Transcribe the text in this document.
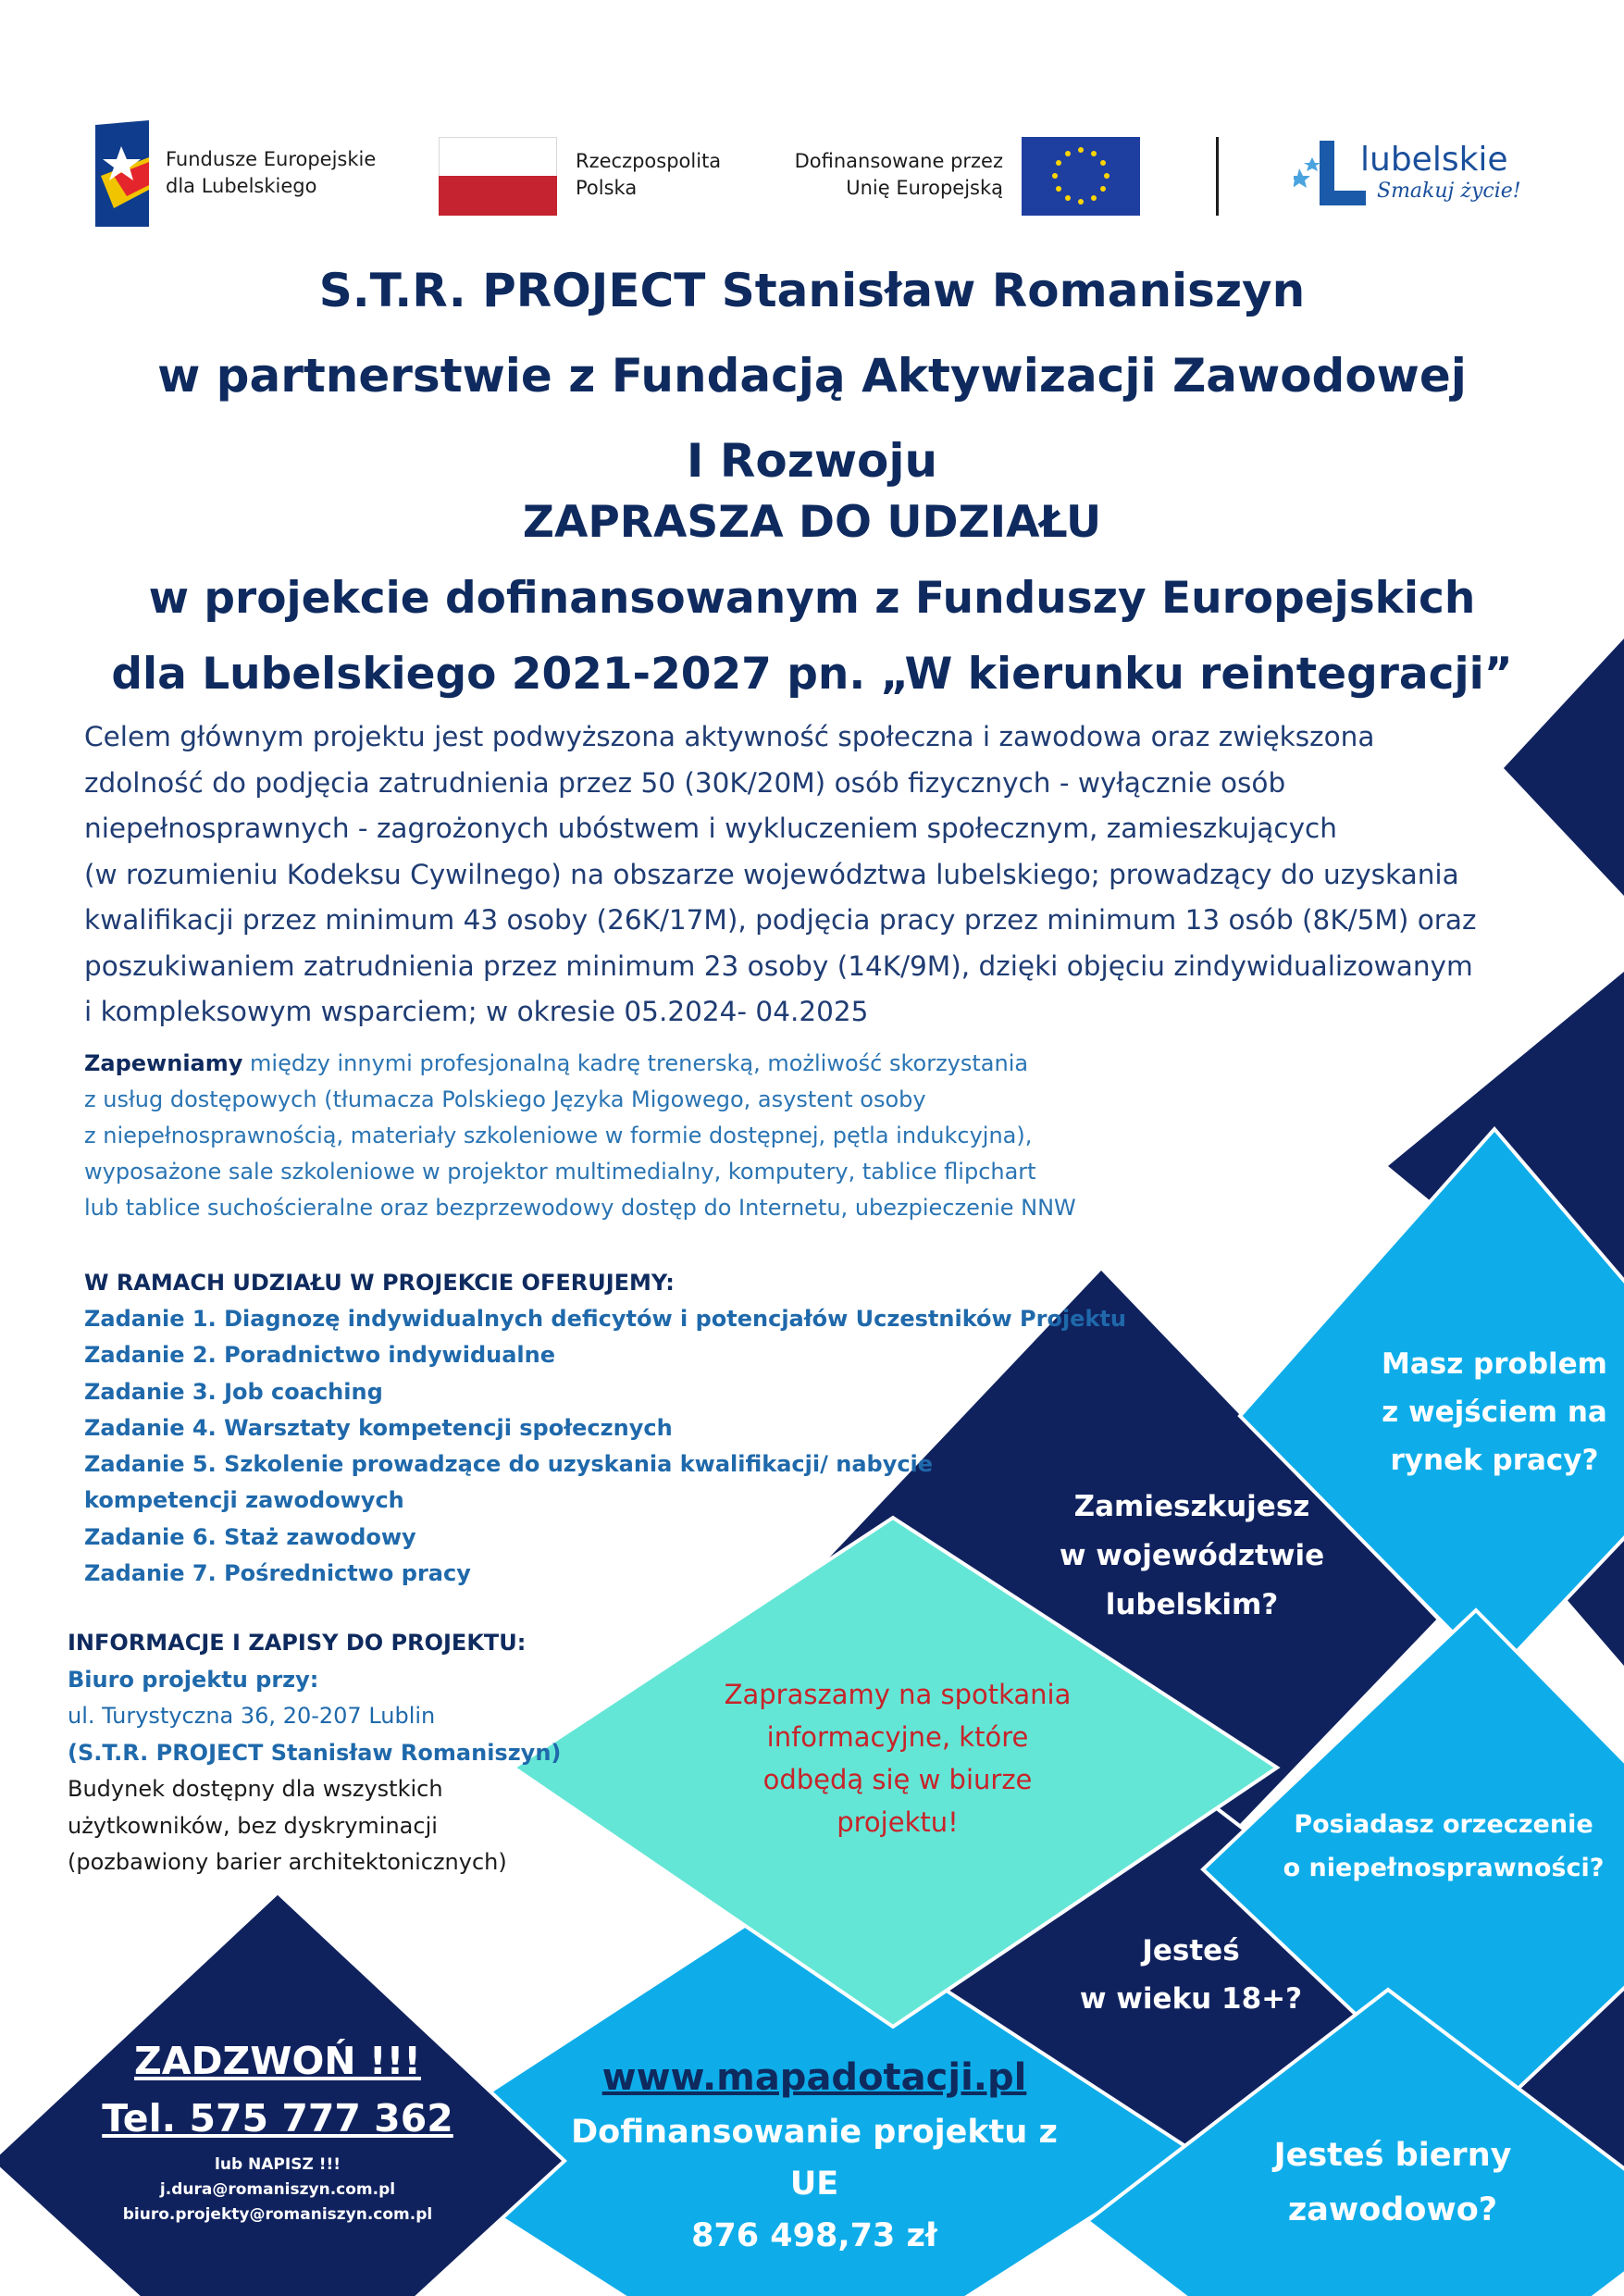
Fundusze Europejskie
dla Lubelskiego
Rzeczpospolita
Polska
Dofinansowane przez
Unię Europejską
lubelskie
Smakuj życie!
S.T.R. PROJECT Stanisław Romaniszyn
w partnerstwie z Fundacją Aktywizacji Zawodowej
I Rozwoju
ZAPRASZA DO UDZIAŁU
w projekcie dofinansowanym z Funduszy Europejskich
dla Lubelskiego 2021-2027 pn. „W kierunku reintegracji”
Celem głównym projektu jest podwyższona aktywność społeczna i zawodowa oraz zwiększona
zdolność do podjęcia zatrudnienia przez 50 (30K/20M) osób fizycznych - wyłącznie osób
niepełnosprawnych - zagrożonych ubóstwem i wykluczeniem społecznym, zamieszkujących
(w rozumieniu Kodeksu Cywilnego) na obszarze województwa lubelskiego; prowadzący do uzyskania
kwalifikacji przez minimum 43 osoby (26K/17M), podjęcia pracy przez minimum 13 osób (8K/5M) oraz
poszukiwaniem zatrudnienia przez minimum 23 osoby (14K/9M), dzięki objęciu zindywidualizowanym
i kompleksowym wsparciem; w okresie 05.2024- 04.2025
Zapewniamy między innymi profesjonalną kadrę trenerską, możliwość skorzystania
z usług dostępowych (tłumacza Polskiego Języka Migowego, asystent osoby
z niepełnosprawnością, materiały szkoleniowe w formie dostępnej, pętla indukcyjna),
wyposażone sale szkoleniowe w projektor multimedialny, komputery, tablice flipchart
lub tablice suchościeralne oraz bezprzewodowy dostęp do Internetu, ubezpieczenie NNW
W RAMACH UDZIAŁU W PROJEKCIE OFERUJEMY:
Zadanie 1. Diagnozę indywidualnych deficytów i potencjałów Uczestników Projektu
Zadanie 2. Poradnictwo indywidualne
Zadanie 3. Job coaching
Zadanie 4. Warsztaty kompetencji społecznych
Zadanie 5. Szkolenie prowadzące do uzyskania kwalifikacji/ nabycie
kompetencji zawodowych
Zadanie 6. Staż zawodowy
Zadanie 7. Pośrednictwo pracy
INFORMACJE I ZAPISY DO PROJEKTU:
Biuro projektu przy:
ul. Turystyczna 36, 20-207 Lublin
(S.T.R. PROJECT Stanisław Romaniszyn)
Budynek dostępny dla wszystkich
użytkowników, bez dyskryminacji
(pozbawiony barier architektonicznych)
Masz problem
z wejściem na
rynek pracy?
Zamieszkujesz
w województwie
lubelskim?
Posiadasz orzeczenie
o niepełnosprawności?
Jesteś
w wieku 18+?
Jesteś bierny
zawodowo?
Zapraszamy na spotkania
informacyjne, które
odbędą się w biurze
projektu!
ZADZWOŃ !!!
Tel. 575 777 362
lub NAPISZ !!!
j.dura@romaniszyn.com.pl
biuro.projekty@romaniszyn.com.pl
www.mapadotacji.pl
Dofinansowanie projektu z UE
876 498,73 zł
